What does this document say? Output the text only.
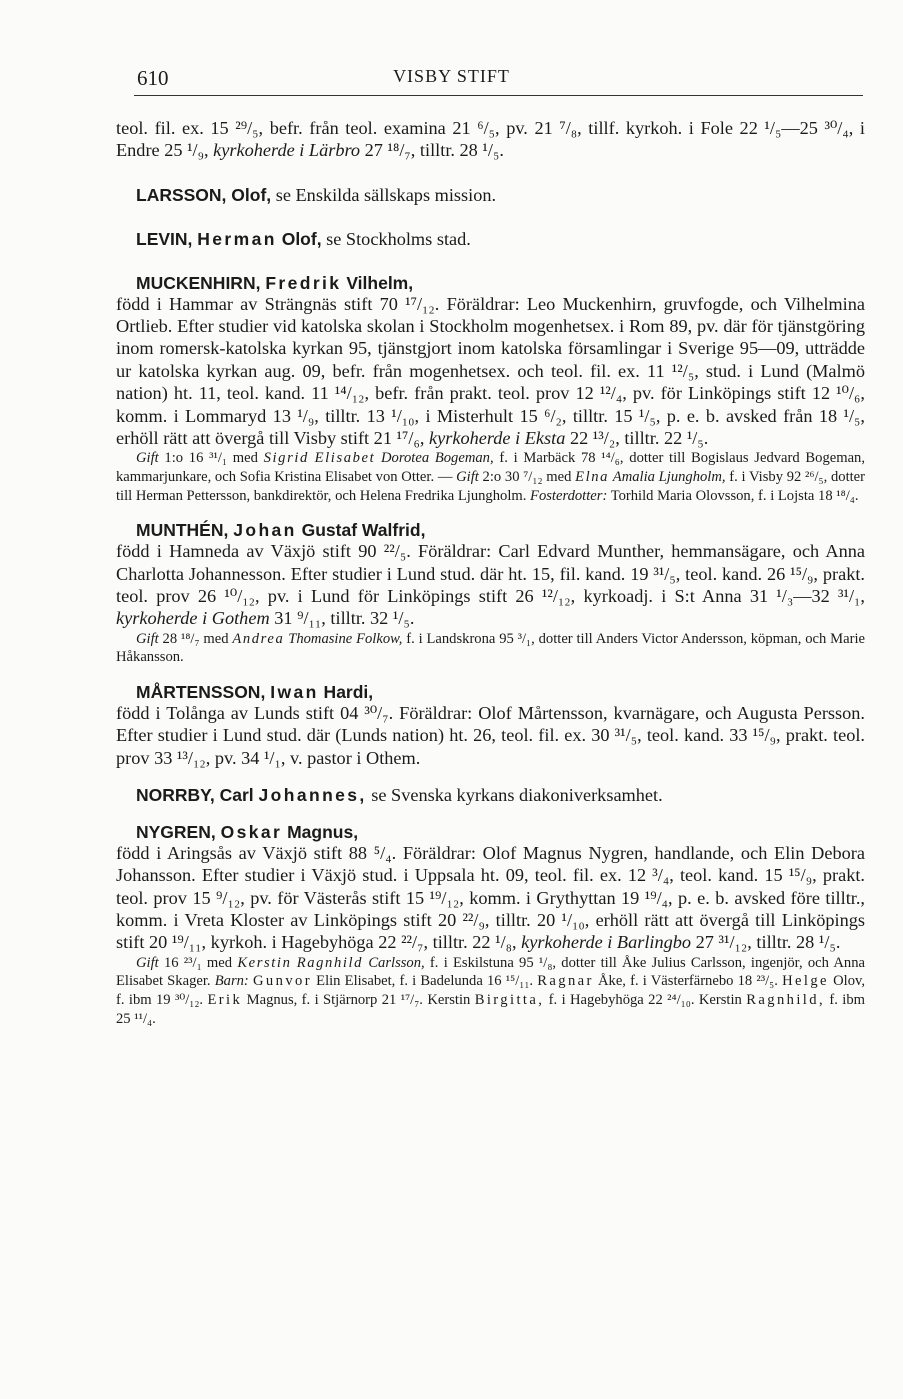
610	VISBY STIFT

teol. fil. ex. 15 ²⁹/₅, befr. från teol. examina 21 ⁶/₅, pv. 21 ⁷/₈, tillf. kyrkoh. i Fole 22 ¹/₅—25 ³⁰/₄, i Endre 25 ¹/₉, kyrkoherde i Lärbro 27 ¹⁸/₇, tilltr. 28 ¹/₅.

LARSSON, Olof, se Enskilda sällskaps mission.

LEVIN, Herman Olof, se Stockholms stad.

MUCKENHIRN, Fredrik Vilhelm,

född i Hammar av Strängnäs stift 70 ¹⁷/₁₂. Föräldrar: Leo Muckenhirn, gruvfogde, och Vilhelmina Ortlieb. Efter studier vid katolska skolan i Stockholm mogenhetsex. i Rom 89, pv. där för tjänstgöring inom romersk-katolska kyrkan 95, tjänstgjort inom katolska församlingar i Sverige 95—09, utträdde ur katolska kyrkan aug. 09, befr. från mogenhetsex. och teol. fil. ex. 11 ¹²/₅, stud. i Lund (Malmö nation) ht. 11, teol. kand. 11 ¹⁴/₁₂, befr. från prakt. teol. prov 12 ¹²/₄, pv. för Linköpings stift 12 ¹⁰/₆, komm. i Lommaryd 13 ¹/₉, tilltr. 13 ¹/₁₀, i Misterhult 15 ⁶/₂, tilltr. 15 ¹/₅, p. e. b. avsked från 18 ¹/₅, erhöll rätt att övergå till Visby stift 21 ¹⁷/₆, kyrkoherde i Eksta 22 ¹³/₂, tilltr. 22 ¹/₅.

Gift 1:o 16 ³¹/₁ med Sigrid Elisabet Dorotea Bogeman, f. i Marbäck 78 ¹⁴/₆, dotter till Bogislaus Jedvard Bogeman, kammarjunkare, och Sofia Kristina Elisabet von Otter. — Gift 2:o 30 ⁷/₁₂ med Elna Amalia Ljungholm, f. i Visby 92 ²⁶/₅, dotter till Herman Pettersson, bankdirektör, och Helena Fredrika Ljungholm. Fosterdotter: Torhild Maria Olovsson, f. i Lojsta 18 ¹⁸/₄.

MUNTHÉN, Johan Gustaf Walfrid,

född i Hamneda av Växjö stift 90 ²²/₅. Föräldrar: Carl Edvard Munther, hemmansägare, och Anna Charlotta Johannesson. Efter studier i Lund stud. där ht. 15, fil. kand. 19 ³¹/₅, teol. kand. 26 ¹⁵/₉, prakt. teol. prov 26 ¹⁰/₁₂, pv. i Lund för Linköpings stift 26 ¹²/₁₂, kyrkoadj. i S:t Anna 31 ¹/₃—32 ³¹/₁, kyrkoherde i Gothem 31 ⁹/₁₁, tilltr. 32 ¹/₅.

Gift 28 ¹⁸/₇ med Andrea Thomasine Folkow, f. i Landskrona 95 ³/₁, dotter till Anders Victor Andersson, köpman, och Marie Håkansson.

MÅRTENSSON, Iwan Hardi,

född i Tolånga av Lunds stift 04 ³⁰/₇. Föräldrar: Olof Mårtensson, kvarnägare, och Augusta Persson. Efter studier i Lund stud. där (Lunds nation) ht. 26, teol. fil. ex. 30 ³¹/₅, teol. kand. 33 ¹⁵/₉, prakt. teol. prov 33 ¹³/₁₂, pv. 34 ¹/₁, v. pastor i Othem.

NORRBY, Carl Johannes, se Svenska kyrkans diakoniverksamhet.

NYGREN, Oskar Magnus,

född i Aringsås av Växjö stift 88 ⁵/₄. Föräldrar: Olof Magnus Nygren, handlande, och Elin Debora Johansson. Efter studier i Växjö stud. i Uppsala ht. 09, teol. fil. ex. 12 ³/₄, teol. kand. 15 ¹⁵/₉, prakt. teol. prov 15 ⁹/₁₂, pv. för Västerås stift 15 ¹⁹/₁₂, komm. i Grythyttan 19 ¹⁹/₄, p. e. b. avsked före tilltr., komm. i Vreta Kloster av Linköpings stift 20 ²²/₉, tilltr. 20 ¹/₁₀, erhöll rätt att övergå till Linköpings stift 20 ¹⁹/₁₁, kyrkoh. i Hagebyhöga 22 ²²/₇, tilltr. 22 ¹/₈, kyrkoherde i Barlingbo 27 ³¹/₁₂, tilltr. 28 ¹/₅.

Gift 16 ²³/₁ med Kerstin Ragnhild Carlsson, f. i Eskilstuna 95 ¹/₈, dotter till Åke Julius Carlsson, ingenjör, och Anna Elisabet Skager. Barn: Gunvor Elin Elisabet, f. i Badelunda 16 ¹⁵/₁₁. Ragnar Åke, f. i Västerfärnebo 18 ²³/₅. Helge Olov, f. ibm 19 ³⁰/₁₂. Erik Magnus, f. i Stjärnorp 21 ¹⁷/₇. Kerstin Birgitta, f. i Hagebyhöga 22 ²⁴/₁₀. Kerstin Ragnhild, f. ibm 25 ¹¹/₄.
